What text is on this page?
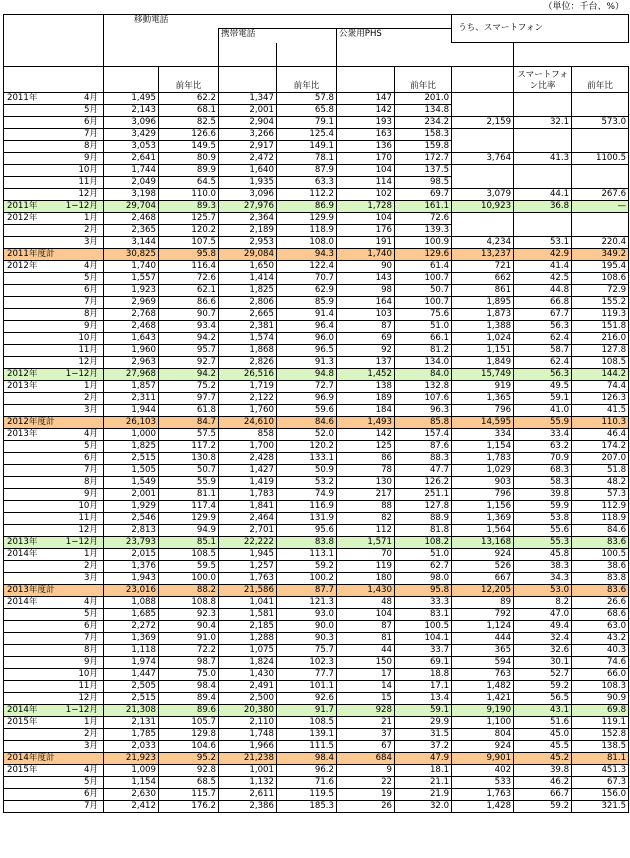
（単位：千台、%）
		移動電話						うち、スマートフォン		
				携帯電話		公衆用PHS				

			前年比		前年比		前年比		スマートフォン比率	前年比
2011年	4月	1,495	62.2	1,347	57.8	147	201.0			
	5月	2,143	68.1	2,001	65.8	142	134.8			
	6月	3,096	82.5	2,904	79.1	193	234.2	2,159	32.1	573.0
	7月	3,429	126.6	3,266	125.4	163	158.3			
	8月	3,053	149.5	2,917	149.1	136	159.8			
	9月	2,641	80.9	2,472	78.1	170	172.7	3,764	41.3	1100.5
	10月	1,744	89.9	1,640	87.9	104	137.5			
	11月	2,049	64.5	1,935	63.3	114	98.5			
	12月	3,198	110.0	3,096	112.2	102	69.7	3,079	44.1	267.6
2011年	1−12月	29,704	89.3	27,976	86.9	1,728	161.1	10,923	36.8	—
2012年	1月	2,468	125.7	2,364	129.9	104	72.6			
	2月	2,365	120.2	2,189	118.9	176	139.3			
	3月	3,144	107.5	2,953	108.0	191	100.9	4,234	53.1	220.4
2011年度計		30,825	95.8	29,084	94.3	1,740	129.6	13,237	42.9	349.2
2012年	4月	1,740	116.4	1,650	122.4	90	61.4	721	41.4	195.4
	5月	1,557	72.6	1,414	70.7	143	100.7	662	42.5	108.6
	6月	1,923	62.1	1,825	62.9	98	50.7	861	44.8	72.9
	7月	2,969	86.6	2,806	85.9	164	100.7	1,895	66.8	155.2
	8月	2,768	90.7	2,665	91.4	103	75.6	1,873	67.7	119.3
	9月	2,468	93.4	2,381	96.4	87	51.0	1,388	56.3	151.8
	10月	1,643	94.2	1,574	96.0	69	66.1	1,024	62.4	216.0
	11月	1,960	95.7	1,868	96.5	92	81.2	1,151	58.7	127.8
	12月	2,963	92.7	2,826	91.3	137	134.0	1,849	62.4	108.5
2012年	1−12月	27,968	94.2	26,516	94.8	1,452	84.0	15,749	56.3	144.2
2013年	1月	1,857	75.2	1,719	72.7	138	132.8	919	49.5	74.4
	2月	2,311	97.7	2,122	96.9	189	107.6	1,365	59.1	126.3
	3月	1,944	61.8	1,760	59.6	184	96.3	796	41.0	41.5
2012年度計		26,103	84.7	24,610	84.6	1,493	85.8	14,595	55.9	110.3
2013年	4月	1,000	57.5	858	52.0	142	157.4	334	33.4	46.4
	5月	1,825	117.2	1,700	120.2	125	87.6	1,154	63.2	174.2
	6月	2,515	130.8	2,428	133.1	86	88.3	1,783	70.9	207.0
	7月	1,505	50.7	1,427	50.9	78	47.7	1,029	68.3	51.8
	8月	1,549	55.9	1,419	53.2	130	126.2	903	58.3	48.2
	9月	2,001	81.1	1,783	74.9	217	251.1	796	39.8	57.3
	10月	1,929	117.4	1,841	116.9	88	127.8	1,156	59.9	112.9
	11月	2,546	129.9	2,464	131.9	82	88.9	1,369	53.8	118.9
	12月	2,813	94.9	2,701	95.6	112	81.8	1,564	55.6	84.6
2013年	1−12月	23,793	85.1	22,222	83.8	1,571	108.2	13,168	55.3	83.6
2014年	1月	2,015	108.5	1,945	113.1	70	51.0	924	45.8	100.5
	2月	1,376	59.5	1,257	59.2	119	62.7	526	38.3	38.6
	3月	1,943	100.0	1,763	100.2	180	98.0	667	34.3	83.8
2013年度計		23,016	88.2	21,586	87.7	1,430	95.8	12,205	53.0	83.6
2014年	4月	1,088	108.8	1,041	121.3	48	33.3	89	8.2	26.6
	5月	1,685	92.3	1,581	93.0	104	83.1	792	47.0	68.6
	6月	2,272	90.4	2,185	90.0	87	100.5	1,124	49.4	63.0
	7月	1,369	91.0	1,288	90.3	81	104.1	444	32.4	43.2
	8月	1,118	72.2	1,075	75.7	44	33.7	365	32.6	40.3
	9月	1,974	98.7	1,824	102.3	150	69.1	594	30.1	74.6
	10月	1,447	75.0	1,430	77.7	17	18.8	763	52.7	66.0
	11月	2,505	98.4	2,491	101.1	14	17.1	1,482	59.2	108.3
	12月	2,515	89.4	2,500	92.6	15	13.4	1,421	56.5	90.9
2014年	1−12月	21,308	89.6	20,380	91.7	928	59.1	9,190	43.1	69.8
2015年	1月	2,131	105.7	2,110	108.5	21	29.9	1,100	51.6	119.1
	2月	1,785	129.8	1,748	139.1	37	31.5	804	45.0	152.8
	3月	2,033	104.6	1,966	111.5	67	37.2	924	45.5	138.5
2014年度計		21,923	95.2	21,238	98.4	684	47.9	9,901	45.2	81.1
2015年	4月	1,009	92.8	1,001	96.2	9	18.1	402	39.8	451.3
	5月	1,154	68.5	1,132	71.6	22	21.1	533	46.2	67.3
	6月	2,630	115.7	2,611	119.5	19	21.9	1,763	66.7	156.0
	7月	2,412	176.2	2,386	185.3	26	32.0	1,428	59.2	321.5
